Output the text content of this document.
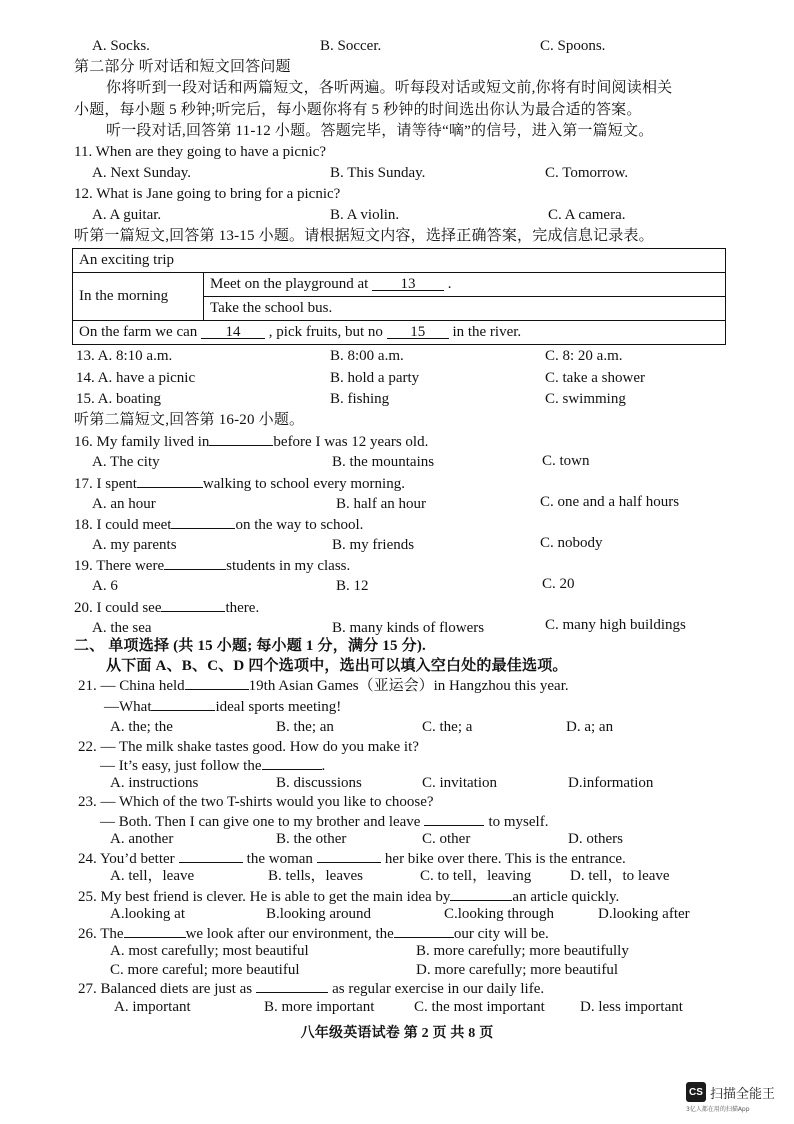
A. Socks.	B. Soccer.	C. Spoons.
第二部分 听对话和短文回答问题
你将听到一段对话和两篇短文，各听两遍。听每段对话或短文前,你将有时间阅读相关
小题，每小题 5 秒钟;听完后，每小题你将有 5 秒钟的时间选出你认为最合适的答案。
听一段对话,回答第 11-12 小题。答题完毕，请等待“嘀”的信号，进入第一篇短文。
11. When are they going to have a picnic?
A. Next Sunday.	B. This Sunday.	C. Tomorrow.
12. What is Jane going to bring for a picnic?
A. A guitar.	B. A violin.	C. A camera.
听第一篇短文,回答第 13-15 小题。请根据短文内容，选择正确答案，完成信息记录表。
An exciting trip
In the morning	Meet on the playground at 13 .
Take the school bus.
On the farm we can 14 , pick fruits, but no 15 in the river.
13. A. 8:10 a.m.	B. 8:00 a.m.	C. 8: 20 a.m.
14. A. have a picnic	B. hold a party	C. take a shower
15. A. boating	B. fishing	C. swimming
听第二篇短文,回答第 16-20 小题。
16. My family lived in	before I was 12 years old.
A. The city	B. the mountains	C. town
17. I spent	walking to school every morning.
A. an hour	B. half an hour	C. one and a half hours
18. I could meet	on the way to school.
A. my parents	B. my friends	C. nobody
19. There were	students in my class.
A. 6	B. 12	C. 20
20. I could see	there.
A. the sea	B. many kinds of flowers	C. many high buildings
二、 单项选择 (共 15 小题; 每小题 1 分，满分 15 分).
从下面 A、B、C、D 四个选项中，选出可以填入空白处的最佳选项。
21. — China held	19th Asian Games（亚运会）in Hangzhou this year.
—What	ideal sports meeting!
A. the; the	B. the; an	C. the; a	D. a; an
22. — The milk shake tastes good. How do you make it?
— It’s easy, just follow the	.
A. instructions	B. discussions	C. invitation	D.information
23. — Which of the two T-shirts would you like to choose?
— Both. Then I can give one to my brother and leave	to myself.
A. another	B. the other	C. other	D. others
24. You’d better	the woman	her bike over there. This is the entrance.
A. tell，leave	B. tells，leaves	C. to tell，leaving	D. tell，to leave
25. My best friend is clever. He is able to get the main idea by	an article quickly.
A.looking at	B.looking around	C.looking through	D.looking after
26. The	we look after our environment, the	our city will be.
A. most carefully; most beautiful	B. more carefully; more beautifully
C. more careful; more beautiful	D. more carefully; more beautiful
27. Balanced diets are just as	as regular exercise in our daily life.
A. important	B. more important	C. the most important D. less important
八年级英语试卷 第 2 页 共 8 页
CS 扫描全能王
3亿人都在用的扫描App
